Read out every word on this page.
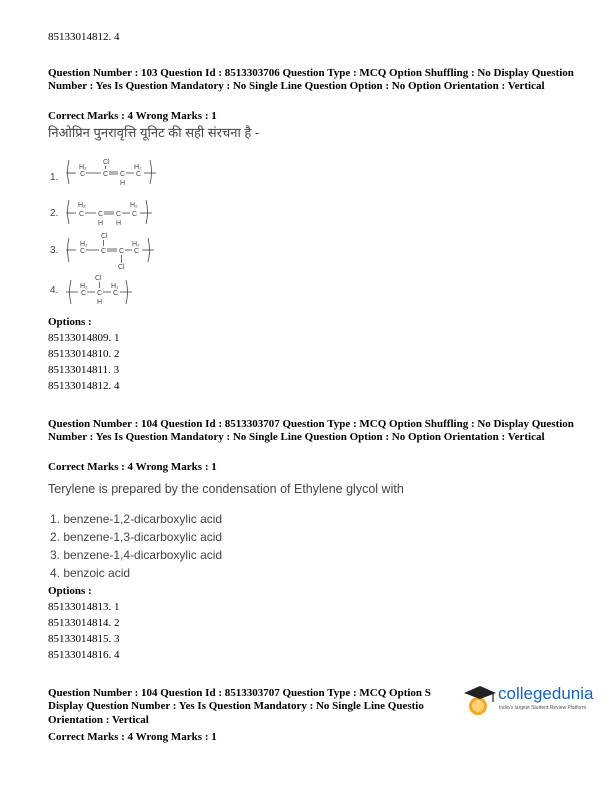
85133014812. 4
Question Number : 103 Question Id : 8513303706 Question Type : MCQ Option Shuffling : No Display Question Number : Yes Is Question Mandatory : No Single Line Question Option : No Option Orientation : Vertical
Correct Marks : 4 Wrong Marks : 1
निओप्रिन पुनरावृत्ति यूनिट की सही संरचना है -
1.
H₂
Cl
H₂
C	C C C
H
2.
H₂	H₂
C C C C
H H
3.
H₂
Cl
H₂
C C C C
Cl
4.	H₂
Cl
H₂
C C C
H
Options :
85133014809. 1
85133014810. 2
85133014811. 3
85133014812. 4
Question Number : 104 Question Id : 8513303707 Question Type : MCQ Option Shuffling : No Display Question Number : Yes Is Question Mandatory : No Single Line Question Option : No Option Orientation : Vertical
Correct Marks : 4 Wrong Marks : 1
Terylene is prepared by the condensation of Ethylene glycol with
1. benzene-1,2-dicarboxylic acid
2. benzene-1,3-dicarboxylic acid
3. benzene-1,4-dicarboxylic acid
4. benzoic acid
Options :
85133014813. 1
85133014814. 2
85133014815. 3
85133014816. 4
Question Number : 104 Question Id : 8513303707 Question Type : MCQ Option S
Display Question Number : Yes Is Question Mandatory : No Single Line Questio
Orientation : Vertical
Correct Marks : 4 Wrong Marks : 1
collegedunia
India's largest Student Review Platform
